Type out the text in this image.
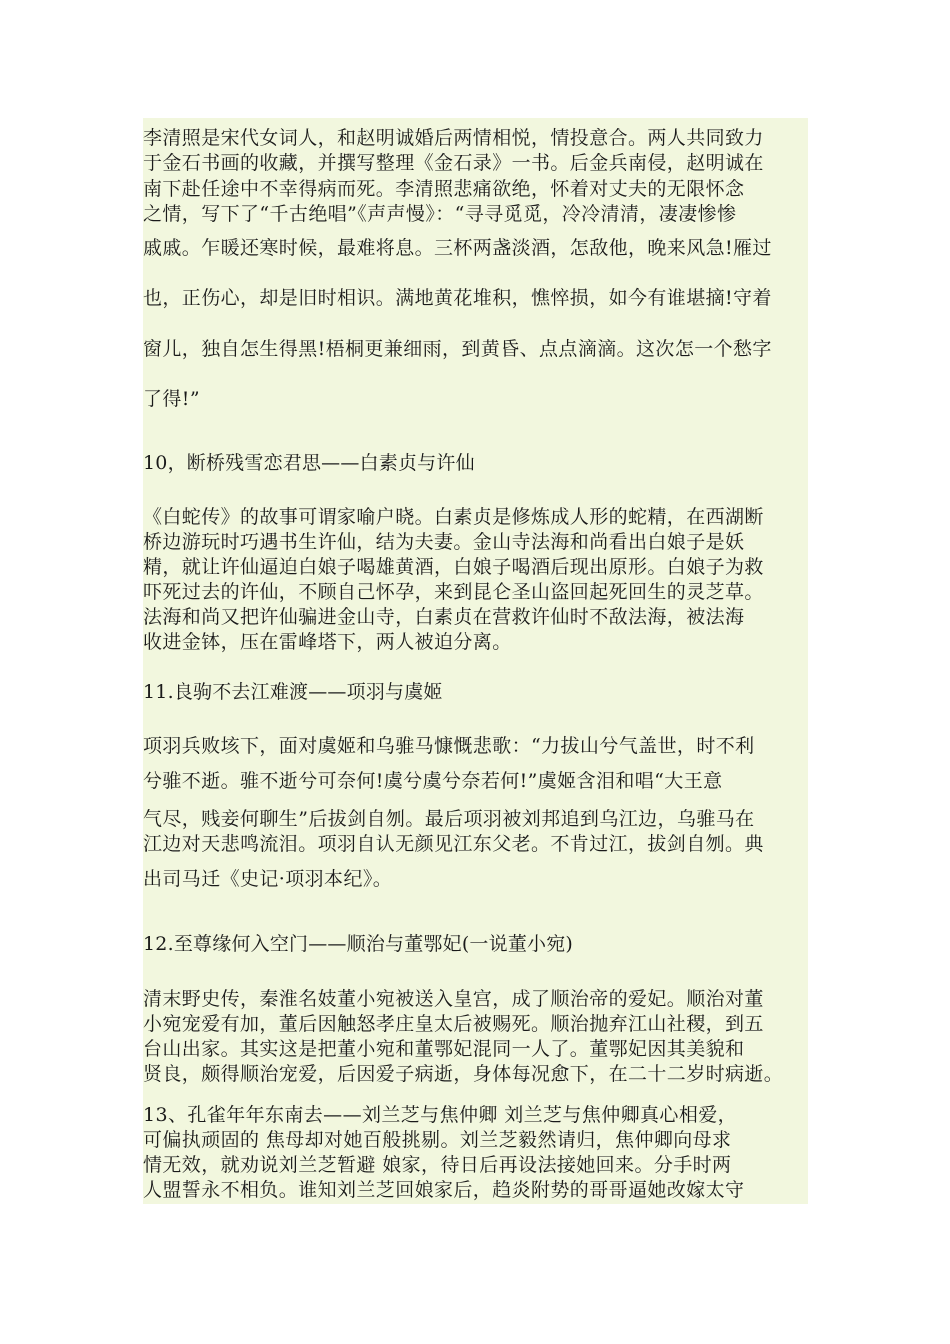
李清照是宋代女词人，和赵明诚婚后两情相悦，情投意合。两人共同致力
于金石书画的收藏，并撰写整理《金石录》一书。后金兵南侵，赵明诚在
南下赴任途中不幸得病而死。李清照悲痛欲绝，怀着对丈夫的无限怀念
之情，写下了“千古绝唱”《声声慢》：“寻寻觅觅，冷冷清清，凄凄惨惨
戚戚。乍暖还寒时候，最难将息。三杯两盏淡酒，怎敌他，晚来风急!雁过
也，正伤心，却是旧时相识。满地黄花堆积，憔悴损，如今有谁堪摘!守着
窗儿，独自怎生得黑!梧桐更兼细雨，到黄昏、点点滴滴。这次怎一个愁字
了得!”
10，断桥残雪恋君思——白素贞与许仙
《白蛇传》的故事可谓家喻户晓。白素贞是修炼成人形的蛇精，在西湖断
桥边游玩时巧遇书生许仙，结为夫妻。金山寺法海和尚看出白娘子是妖
精，就让许仙逼迫白娘子喝雄黄酒，白娘子喝酒后现出原形。白娘子为救
吓死过去的许仙，不顾自己怀孕，来到昆仑圣山盗回起死回生的灵芝草。
法海和尚又把许仙骗进金山寺，白素贞在营救许仙时不敌法海，被法海
收进金钵，压在雷峰塔下，两人被迫分离。
11.良驹不去江难渡——项羽与虞姬
项羽兵败垓下，面对虞姬和乌骓马慷慨悲歌：“力拔山兮气盖世，时不利
兮骓不逝。骓不逝兮可奈何!虞兮虞兮奈若何!”虞姬含泪和唱“大王意
气尽，贱妾何聊生”后拔剑自刎。最后项羽被刘邦追到乌江边，乌骓马在
江边对天悲鸣流泪。项羽自认无颜见江东父老。不肯过江，拔剑自刎。典
出司马迁《史记·项羽本纪》。
12.至尊缘何入空门——顺治与董鄂妃(一说董小宛)
清末野史传，秦淮名妓董小宛被送入皇宫，成了顺治帝的爱妃。顺治对董
小宛宠爱有加，董后因触怒孝庄皇太后被赐死。顺治抛弃江山社稷，到五
台山出家。其实这是把董小宛和董鄂妃混同一人了。董鄂妃因其美貌和
贤良，颇得顺治宠爱，后因爱子病逝，身体每况愈下，在二十二岁时病逝。
13、孔雀年年东南去——刘兰芝与焦仲卿 刘兰芝与焦仲卿真心相爱，
可偏执顽固的 焦母却对她百般挑剔。刘兰芝毅然请归，焦仲卿向母求
情无效，就劝说刘兰芝暂避 娘家，待日后再设法接她回来。分手时两
人盟誓永不相负。谁知刘兰芝回娘家后，趋炎附势的哥哥逼她改嫁太守
